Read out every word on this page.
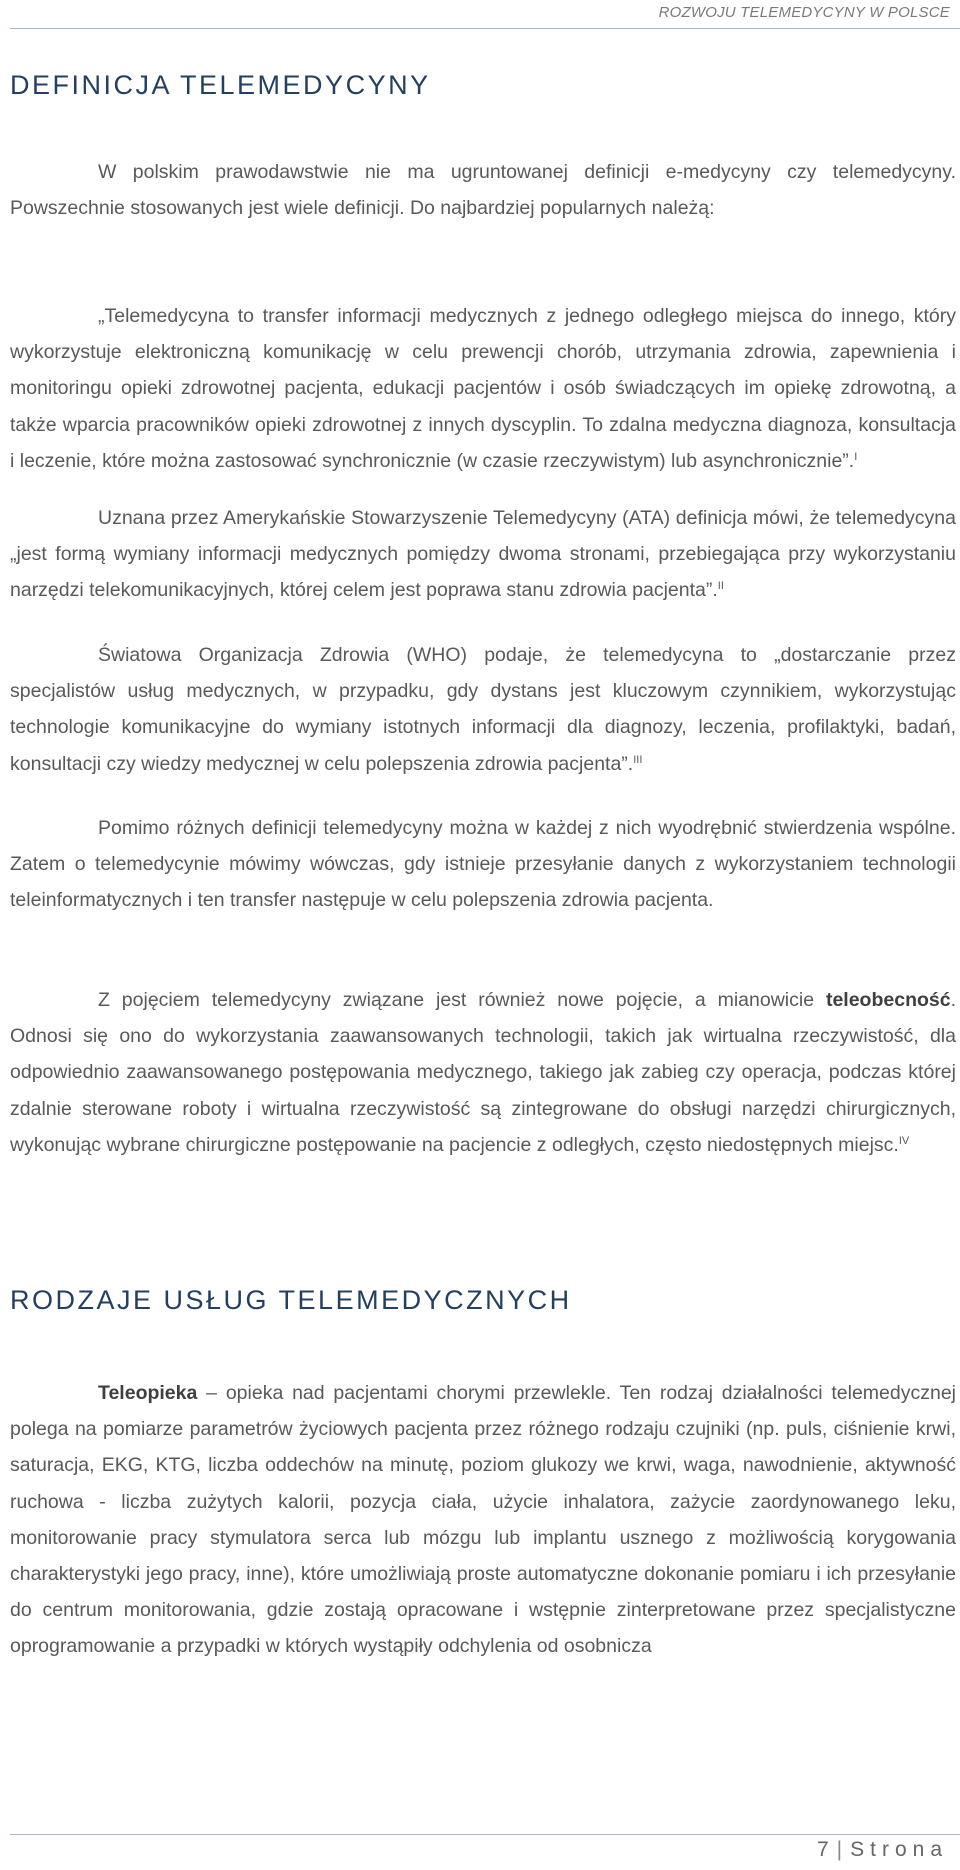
ROZWOJU TELEMEDYCYNY W POLSCE
DEFINICJA TELEMEDYCYNY

W polskim prawodawstwie nie ma ugruntowanej definicji e-medycyny czy telemedycyny. Powszechnie stosowanych jest wiele definicji. Do najbardziej popularnych należą:

„Telemedycyna to transfer informacji medycznych z jednego odległego miejsca do innego, który wykorzystuje elektroniczną komunikację w celu prewencji chorób, utrzymania zdrowia, zapewnienia i monitoringu opieki zdrowotnej pacjenta, edukacji pacjentów i osób świadczących im opiekę zdrowotną, a także wparcia pracowników opieki zdrowotnej z innych dyscyplin. To zdalna medyczna diagnoza, konsultacja i leczenie, które można zastosować synchronicznie (w czasie rzeczywistym) lub asynchronicznie”.$^I$

Uznana przez Amerykańskie Stowarzyszenie Telemedycyny (ATA) definicja mówi, że telemedycyna „jest formą wymiany informacji medycznych pomiędzy dwoma stronami, przebiegająca przy wykorzystaniu narzędzi telekomunikacyjnych, której celem jest poprawa stanu zdrowia pacjenta”.$^{II}$

Światowa Organizacja Zdrowia (WHO) podaje, że telemedycyna to „dostarczanie przez specjalistów usług medycznych, w przypadku, gdy dystans jest kluczowym czynnikiem, wykorzystując technologie komunikacyjne do wymiany istotnych informacji dla diagnozy, leczenia, profilaktyki, badań, konsultacji czy wiedzy medycznej w celu polepszenia zdrowia pacjenta”.$^{III}$

Pomimo różnych definicji telemedycyny można w każdej z nich wyodrębnić stwierdzenia wspólne. Zatem o telemedycynie mówimy wówczas, gdy istnieje przesyłanie danych z wykorzystaniem technologii teleinformatycznych i ten transfer następuje w celu polepszenia zdrowia pacjenta.

Z pojęciem telemedycyny związane jest również nowe pojęcie, a mianowicie teleobecność. Odnosi się ono do wykorzystania zaawansowanych technologii, takich jak wirtualna rzeczywistość, dla odpowiednio zaawansowanego postępowania medycznego, takiego jak zabieg czy operacja, podczas której zdalnie sterowane roboty i wirtualna rzeczywistość są zintegrowane do obsługi narzędzi chirurgicznych, wykonując wybrane chirurgiczne postępowanie na pacjencie z odległych, często niedostępnych miejsc.$^{IV}$

RODZAJE USŁUG TELEMEDYCZNYCH

Teleopieka – opieka nad pacjentami chorymi przewlekle. Ten rodzaj działalności telemedycznej polega na pomiarze parametrów życiowych pacjenta przez różnego rodzaju czujniki (np. puls, ciśnienie krwi, saturacja, EKG, KTG, liczba oddechów na minutę, poziom glukozy we krwi, waga, nawodnienie, aktywność ruchowa - liczba zużytych kalorii, pozycja ciała, użycie inhalatora, zażycie zaordynowanego leku, monitorowanie pracy stymulatora serca lub mózgu lub implantu usznego z możliwością korygowania charakterystyki jego pracy, inne), które umożliwiają proste automatyczne dokonanie pomiaru i ich przesyłanie do centrum monitorowania, gdzie zostają opracowane i wstępnie zinterpretowane przez specjalistyczne oprogramowanie a przypadki w których wystąpiły odchylenia od osobnicza

7 | Strona
